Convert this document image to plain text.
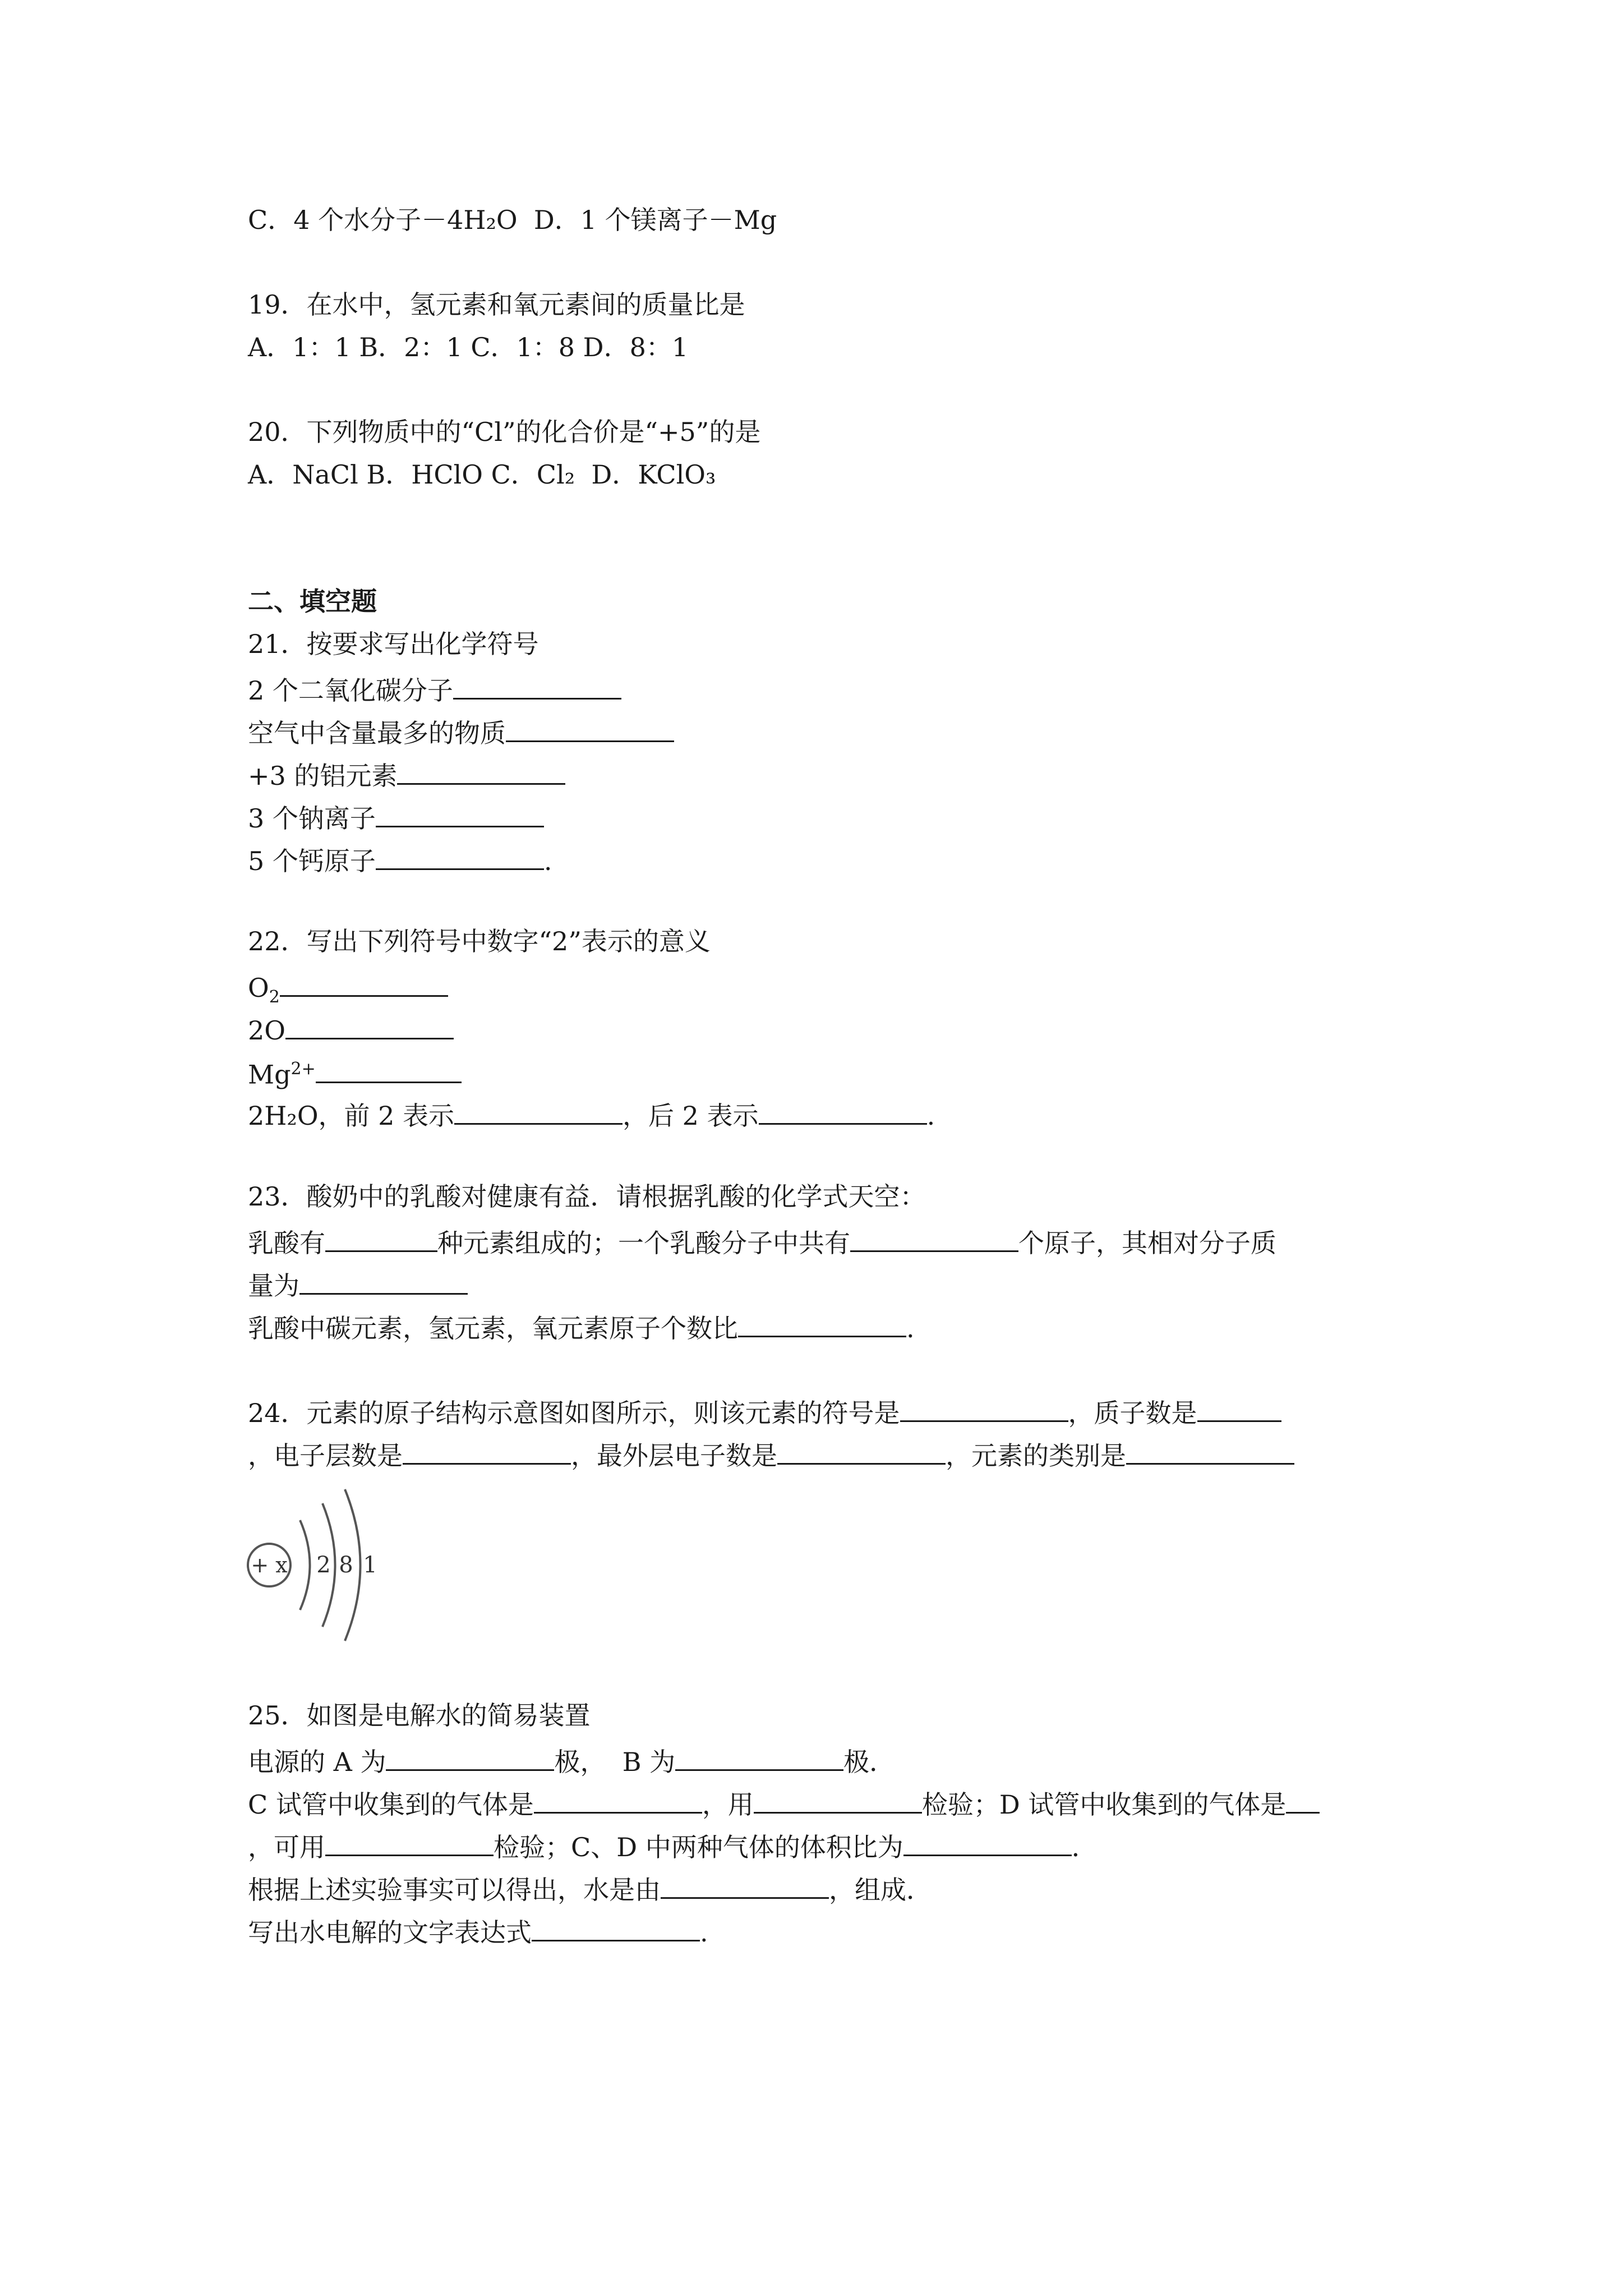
C．4 个水分子－4H₂O  D．1 个镁离子－Mg
19．在水中，氢元素和氧元素间的质量比是
A．1：1 B．2：1 C．1：8 D．8：1
20．下列物质中的“Cl”的化合价是“+5”的是
A．NaCl B．HClO C．Cl₂  D．KClO₃
二、填空题
21．按要求写出化学符号
2 个二氧化碳分子
空气中含量最多的物质
+3 的铝元素
3 个钠离子
5 个钙原子	.
22．写出下列符号中数字“2”表示的意义
$O_2$
2O
$Mg^{2+}$
2H₂O，前 2 表示	，后 2 表示	.
23．酸奶中的乳酸对健康有益．请根据乳酸的化学式天空：
乳酸有	种元素组成的；一个乳酸分子中共有	个原子，其相对分子质
量为
乳酸中碳元素，氢元素，氧元素原子个数比	.
24．元素的原子结构示意图如图所示，则该元素的符号是	，质子数是
，电子层数是	，最外层电子数是	，元素的类别是
+ x 2 8 1
25．如图是电解水的简易装置
电源的 A 为	极，  B 为	极．
C 试管中收集到的气体是	，用	检验；D 试管中收集到的气体是
，可用	检验；C、D 中两种气体的体积比为	．
根据上述实验事实可以得出，水是由	，组成．
写出水电解的文字表达式	.
